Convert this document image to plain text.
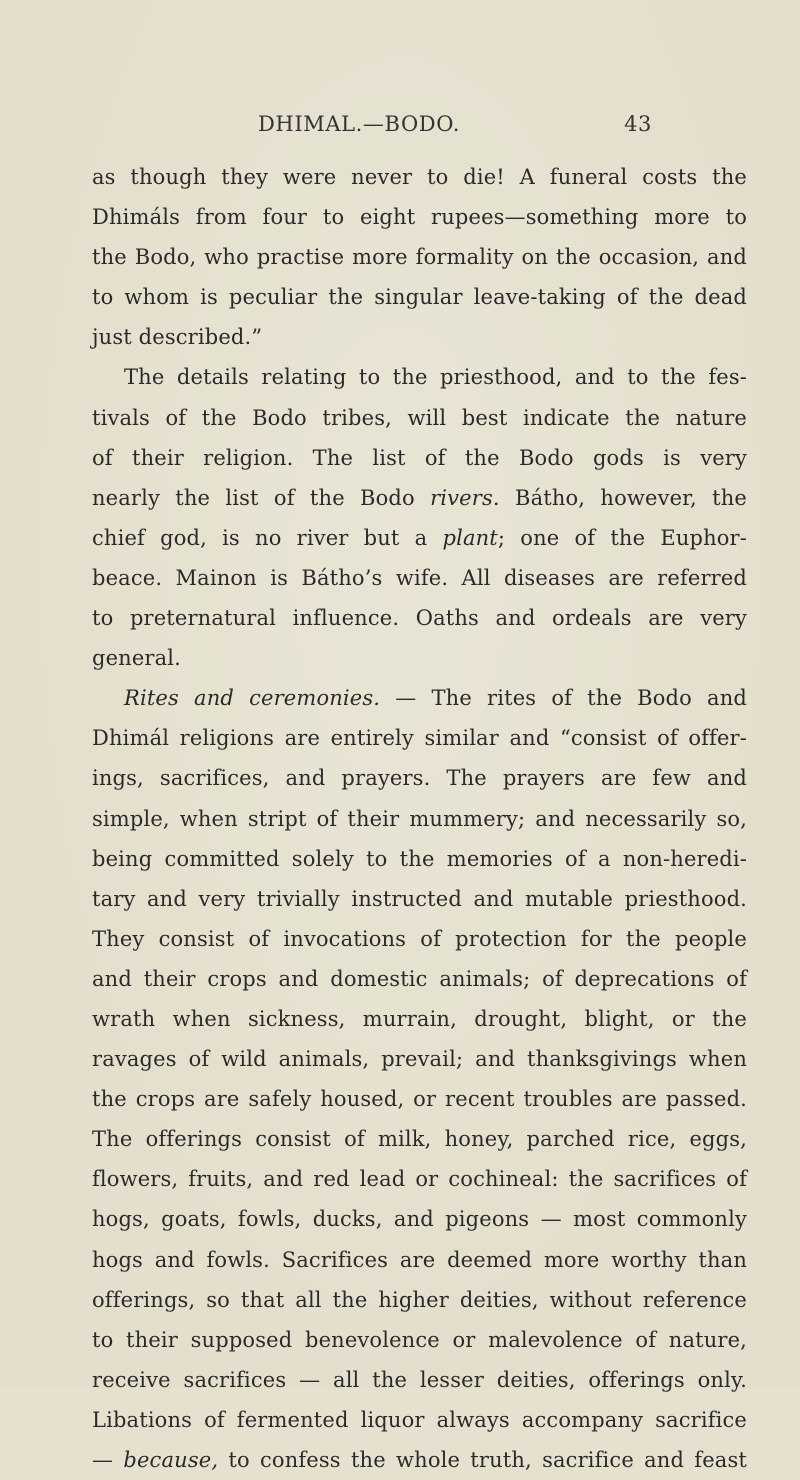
DHIMAL.—BODO.	43
as though they were never to die! A funeral costs the
Dhimáls from four to eight rupees—something more to
the Bodo, who practise more formality on the occasion, and
to whom is peculiar the singular leave-taking of the dead
just described.”
The details relating to the priesthood, and to the fes-
tivals of the Bodo tribes, will best indicate the nature
of their religion. The list of the Bodo gods is very
nearly the list of the Bodo rivers. Bátho, however, the
chief god, is no river but a plant; one of the Euphor-
beace. Mainon is Bátho’s wife. All diseases are referred
to preternatural influence. Oaths and ordeals are very
general.
Rites and ceremonies. — The rites of the Bodo and
Dhimál religions are entirely similar and “consist of offer-
ings, sacrifices, and prayers. The prayers are few and
simple, when stript of their mummery; and necessarily so,
being committed solely to the memories of a non-heredi-
tary and very trivially instructed and mutable priesthood.
They consist of invocations of protection for the people
and their crops and domestic animals; of deprecations of
wrath when sickness, murrain, drought, blight, or the
ravages of wild animals, prevail; and thanksgivings when
the crops are safely housed, or recent troubles are passed.
The offerings consist of milk, honey, parched rice, eggs,
flowers, fruits, and red lead or cochineal: the sacrifices of
hogs, goats, fowls, ducks, and pigeons — most commonly
hogs and fowls. Sacrifices are deemed more worthy than
offerings, so that all the higher deities, without reference
to their supposed benevolence or malevolence of nature,
receive sacrifices — all the lesser deities, offerings only.
Libations of fermented liquor always accompany sacrifice
— because, to confess the whole truth, sacrifice and feast
